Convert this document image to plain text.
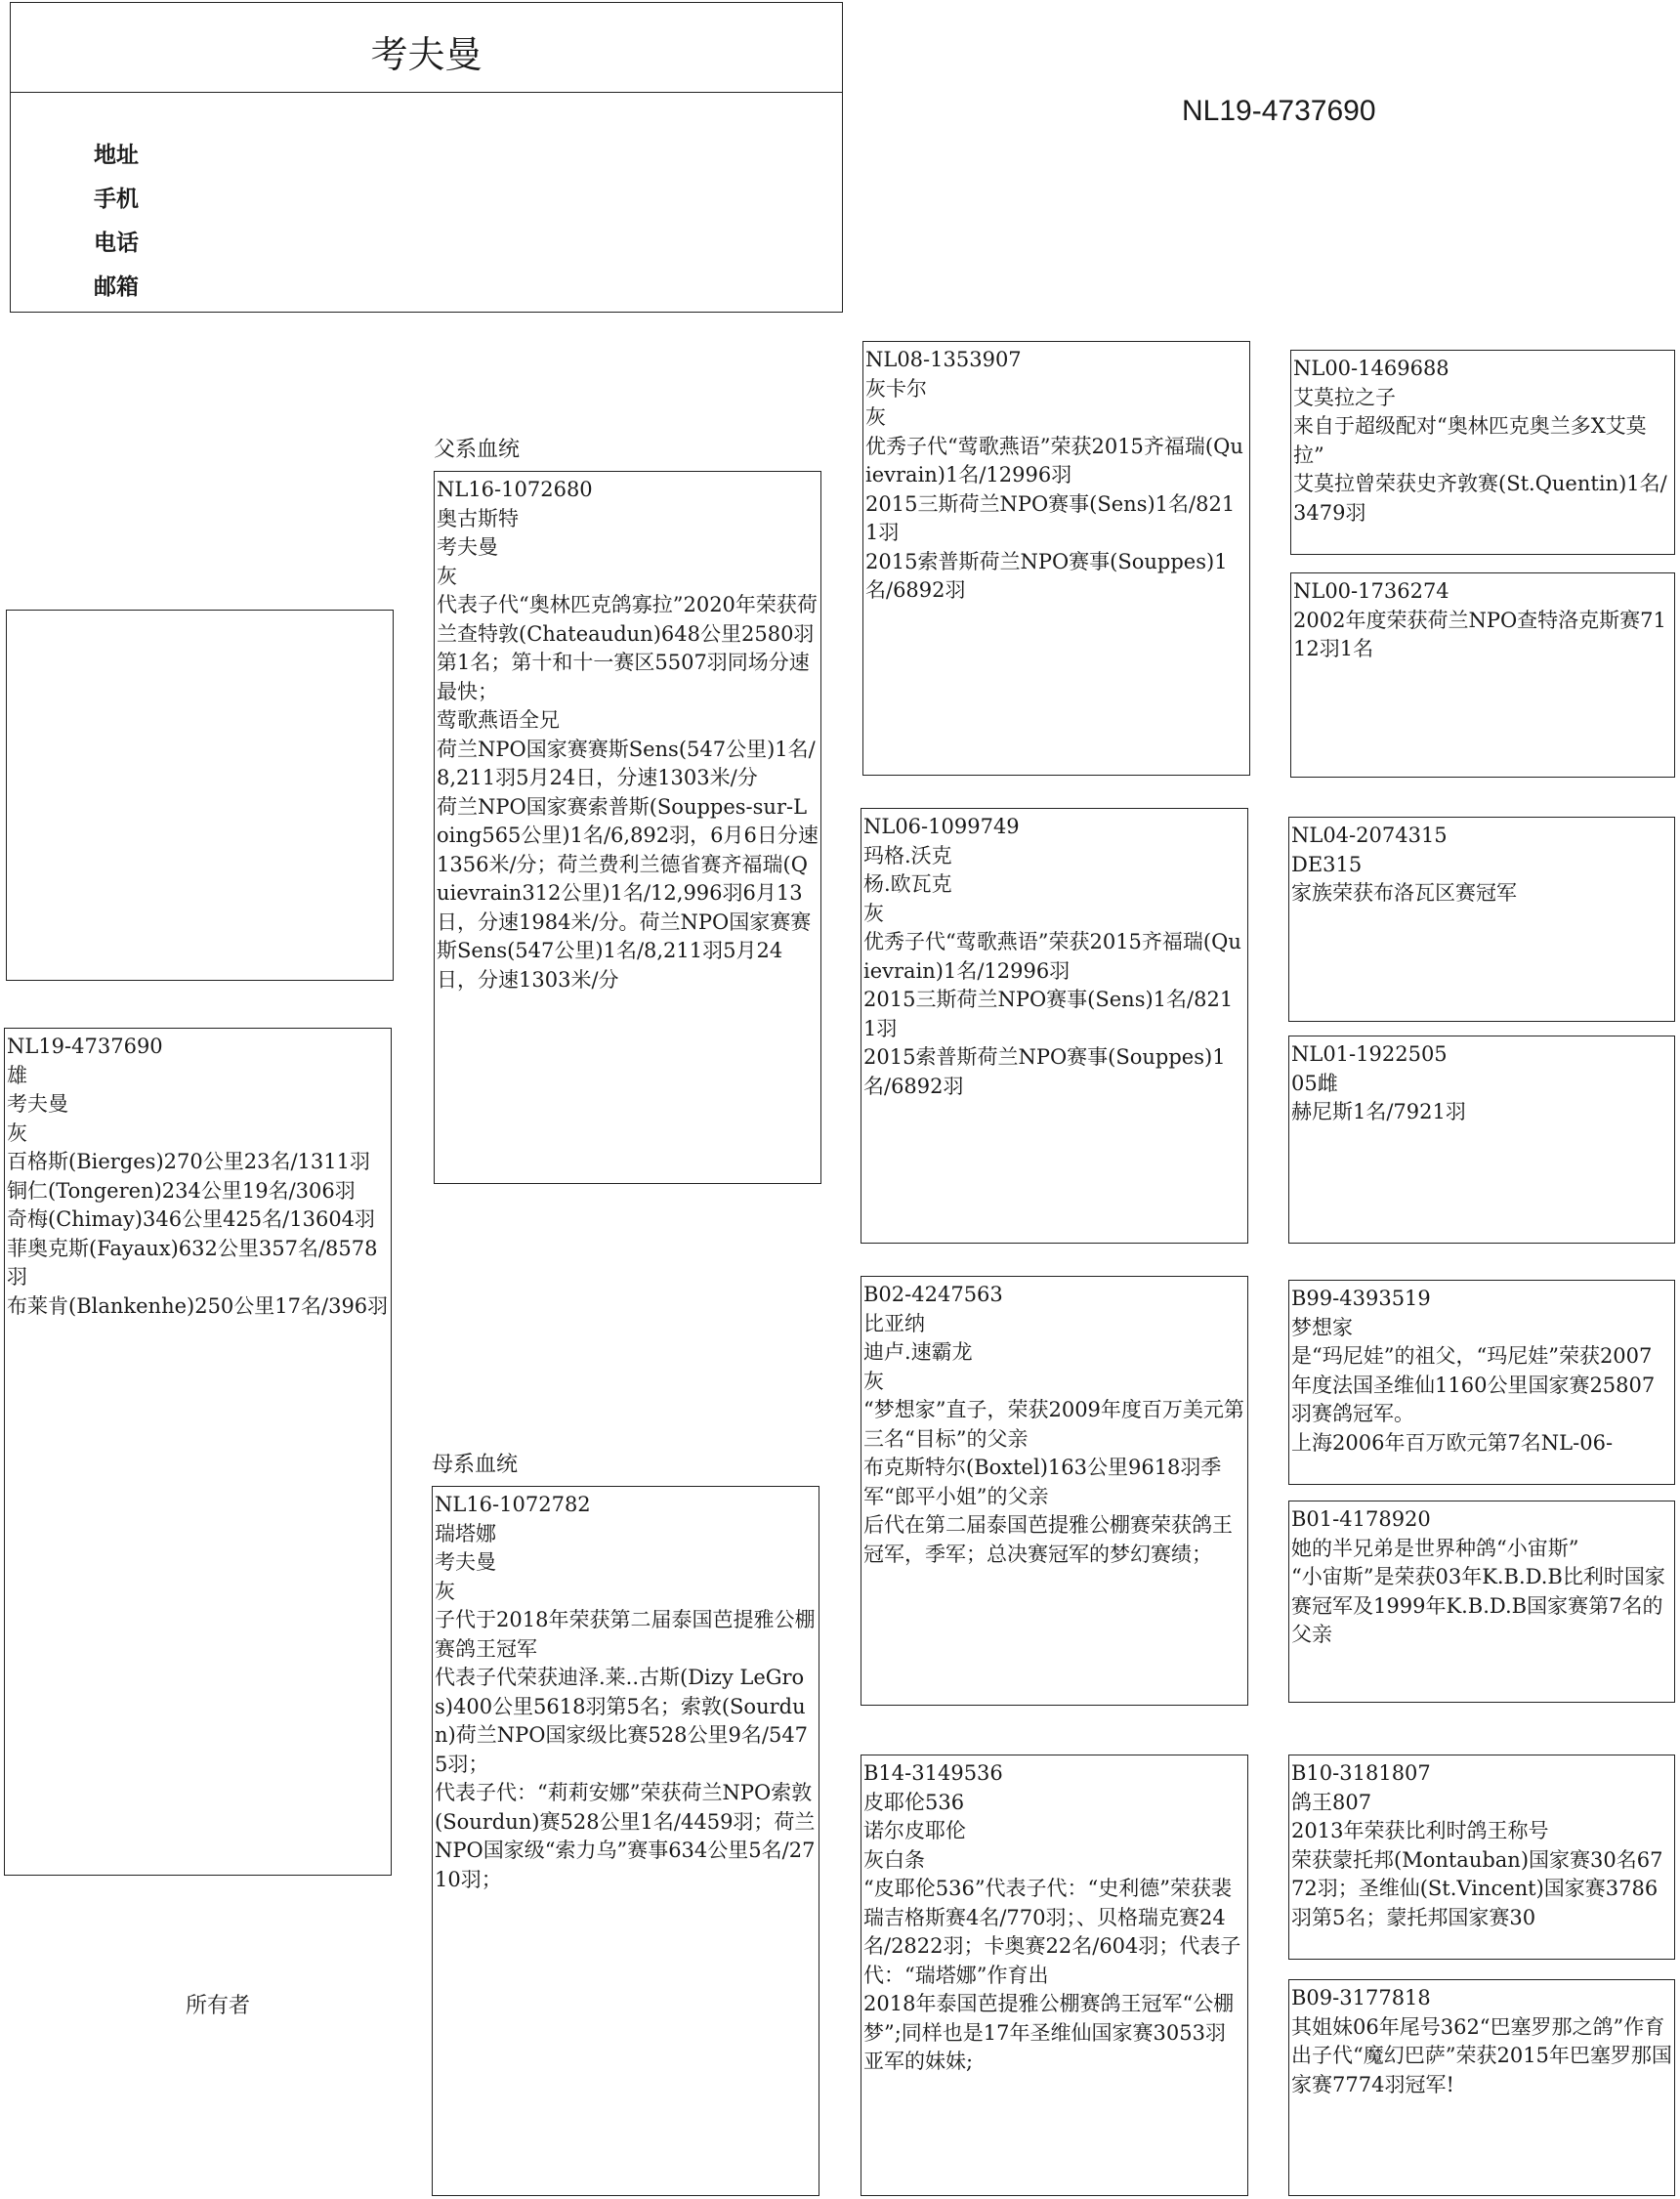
考夫曼
地址
手机
电话
邮箱
NL19-4737690
NL19-4737690
雄
考夫曼
灰
百格斯(Bierges)270公里23名/1311羽
铜仁(Tongeren)234公里19名/306羽
奇梅(Chimay)346公里425名/13604羽
菲奥克斯(Fayaux)632公里357名/8578羽
布莱肯(Blankenhe)250公里17名/396羽
所有者
父系血统
NL16-1072680
奥古斯特
考夫曼
灰
代表子代“奥林匹克鸽寡拉”2020年荣获荷兰查特敦(Chateaudun)648公里2580羽第1名；第十和十一赛区5507羽同场分速最快；
莺歌燕语全兄
荷兰NPO国家赛赛斯Sens(547公里)1名/8,211羽5月24日，分速1303米/分
荷兰NPO国家赛索普斯(Souppes-sur-Loing565公里)1名/6,892羽，6月6日分速1356米/分；荷兰费利兰德省赛齐福瑞(Quievrain312公里)1名/12,996羽6月13日，分速1984米/分。荷兰NPO国家赛赛斯Sens(547公里)1名/8,211羽5月24日，分速1303米/分
母系血统
NL16-1072782
瑞塔娜
考夫曼
灰
子代于2018年荣获第二届泰国芭提雅公棚赛鸽王冠军
代表子代荣获迪泽.莱..古斯(Dizy LeGros)400公里5618羽第5名；索敦(Sourdun)荷兰NPO国家级比赛528公里9名/5475羽；
代表子代：“莉莉安娜”荣获荷兰NPO索敦(Sourdun)赛528公里1名/4459羽；荷兰NPO国家级“索力乌”赛事634公里5名/2710羽；
NL08-1353907
灰卡尔
灰
优秀子代“莺歌燕语”荣获2015齐福瑞(Quievrain)1名/12996羽
2015三斯荷兰NPO赛事(Sens)1名/8211羽
2015索普斯荷兰NPO赛事(Souppes)1名/6892羽
NL06-1099749
玛格.沃克
杨.欧瓦克
灰
优秀子代“莺歌燕语”荣获2015齐福瑞(Quievrain)1名/12996羽
2015三斯荷兰NPO赛事(Sens)1名/8211羽
2015索普斯荷兰NPO赛事(Souppes)1名/6892羽
B02-4247563
比亚纳
迪卢.速霸龙
灰
“梦想家”直子，荣获2009年度百万美元第三名“目标”的父亲
布克斯特尔(Boxtel)163公里9618羽季军“郎平小姐”的父亲
后代在第二届泰国芭提雅公棚赛荣获鸽王冠军，季军；总决赛冠军的梦幻赛绩；
B14-3149536
皮耶伦536
诺尔皮耶伦
灰白条
“皮耶伦536”代表子代：“史利德”荣获裴瑞吉格斯赛4名/770羽；、贝格瑞克赛24名/2822羽；卡奥赛22名/604羽；代表子代：“瑞塔娜”作育出
2018年泰国芭提雅公棚赛鸽王冠军“公棚梦”;同样也是17年圣维仙国家赛3053羽亚军的妹妹;
NL00-1469688
艾莫拉之子
来自于超级配对“奥林匹克奥兰多X艾莫拉”
艾莫拉曾荣获史齐敦赛(St.Quentin)1名/3479羽
NL00-1736274
2002年度荣获荷兰NPO查特洛克斯赛7112羽1名
NL04-2074315
DE315
家族荣获布洛瓦区赛冠军
NL01-1922505
05雌
赫尼斯1名/7921羽
B99-4393519
梦想家
是“玛尼娃”的祖父，“玛尼娃”荣获2007年度法国圣维仙1160公里国家赛25807羽赛鸽冠军。
上海2006年百万欧元第7名NL-06-
B01-4178920
她的半兄弟是世界种鸽“小宙斯”
“小宙斯”是荣获03年K.B.D.B比利时国家赛冠军及1999年K.B.D.B国家赛第7名的父亲
B10-3181807
鸽王807
2013年荣获比利时鸽王称号
荣获蒙托邦(Montauban)国家赛30名6772羽；圣维仙(St.Vincent)国家赛3786羽第5名；蒙托邦国家赛30
B09-3177818
其姐妹06年尾号362“巴塞罗那之鸽”作育出子代“魔幻巴萨”荣获2015年巴塞罗那国家赛7774羽冠军!
